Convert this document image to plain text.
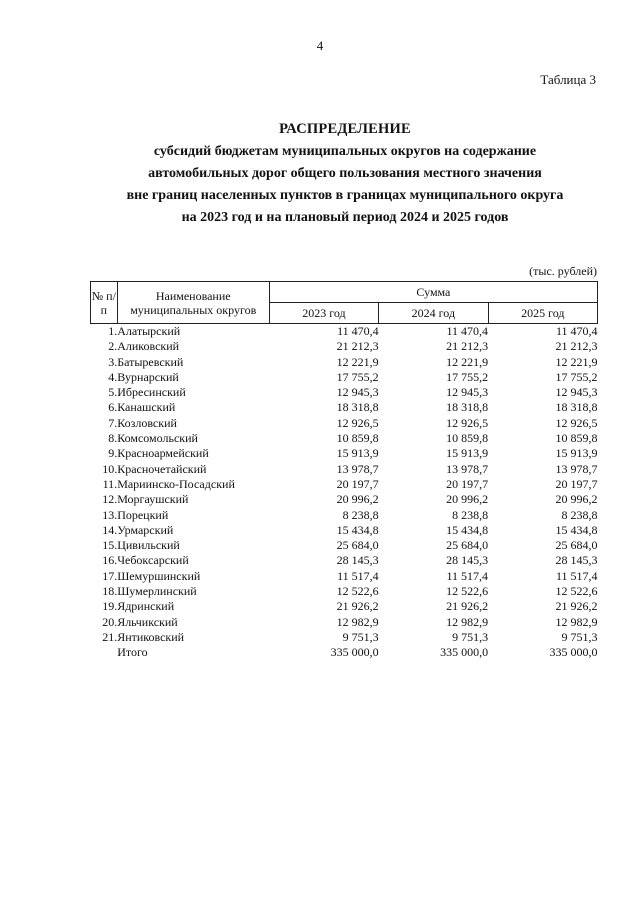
4
Таблица 3
РАСПРЕДЕЛЕНИЕ
субсидий бюджетам муниципальных округов на содержание
автомобильных дорог общего пользования местного значения
вне границ населенных пунктов в границах муниципального округа
на 2023 год и на плановый период 2024 и 2025 годов
(тыс. рублей)
№ п/п	Наименование муниципальных округов	Сумма		
		2023 год	2024 год	2025 год
1.	Алатырский	11 470,4	11 470,4	11 470,4
2.	Аликовский	21 212,3	21 212,3	21 212,3
3.	Батыревский	12 221,9	12 221,9	12 221,9
4.	Вурнарский	17 755,2	17 755,2	17 755,2
5.	Ибресинский	12 945,3	12 945,3	12 945,3
6.	Канашский	18 318,8	18 318,8	18 318,8
7.	Козловский	12 926,5	12 926,5	12 926,5
8.	Комсомольский	10 859,8	10 859,8	10 859,8
9.	Красноармейский	15 913,9	15 913,9	15 913,9
10.	Красночетайский	13 978,7	13 978,7	13 978,7
11.	Мариинско-Посадский	20 197,7	20 197,7	20 197,7
12.	Моргаушский	20 996,2	20 996,2	20 996,2
13.	Порецкий	8 238,8	8 238,8	8 238,8
14.	Урмарский	15 434,8	15 434,8	15 434,8
15.	Цивильский	25 684,0	25 684,0	25 684,0
16.	Чебоксарский	28 145,3	28 145,3	28 145,3
17.	Шемуршинский	11 517,4	11 517,4	11 517,4
18.	Шумерлинский	12 522,6	12 522,6	12 522,6
19.	Ядринский	21 926,2	21 926,2	21 926,2
20.	Яльчикский	12 982,9	12 982,9	12 982,9
21.	Янтиковский	9 751,3	9 751,3	9 751,3
	Итого	335 000,0	335 000,0	335 000,0
